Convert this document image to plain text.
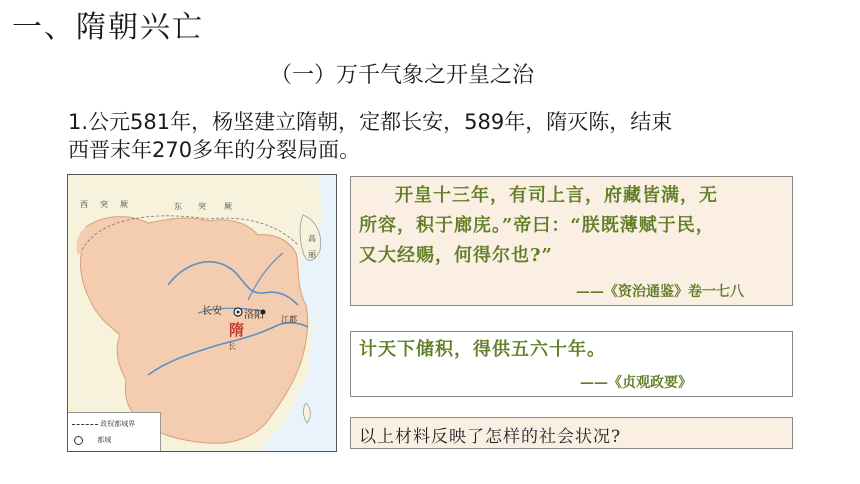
一、隋朝兴亡
（一）万千气象之开皇之治
1.公元581年，杨坚建立隋朝，定都长安，589年，隋灭陈，结束
西晋末年270多年的分裂局面。
西 突 厥	东 突 厥
高
丽
长安 洛阳 江都
隋
长
政权都城界
都城
开皇十三年，有司上言，府藏皆满，无
所容，积于廊庑。”帝曰：“朕既薄赋于民，
又大经赐，何得尔也?”
——《资治通鉴》卷一七八
计天下储积，得供五六十年。
——《贞观政要》
以上材料反映了怎样的社会状况?
